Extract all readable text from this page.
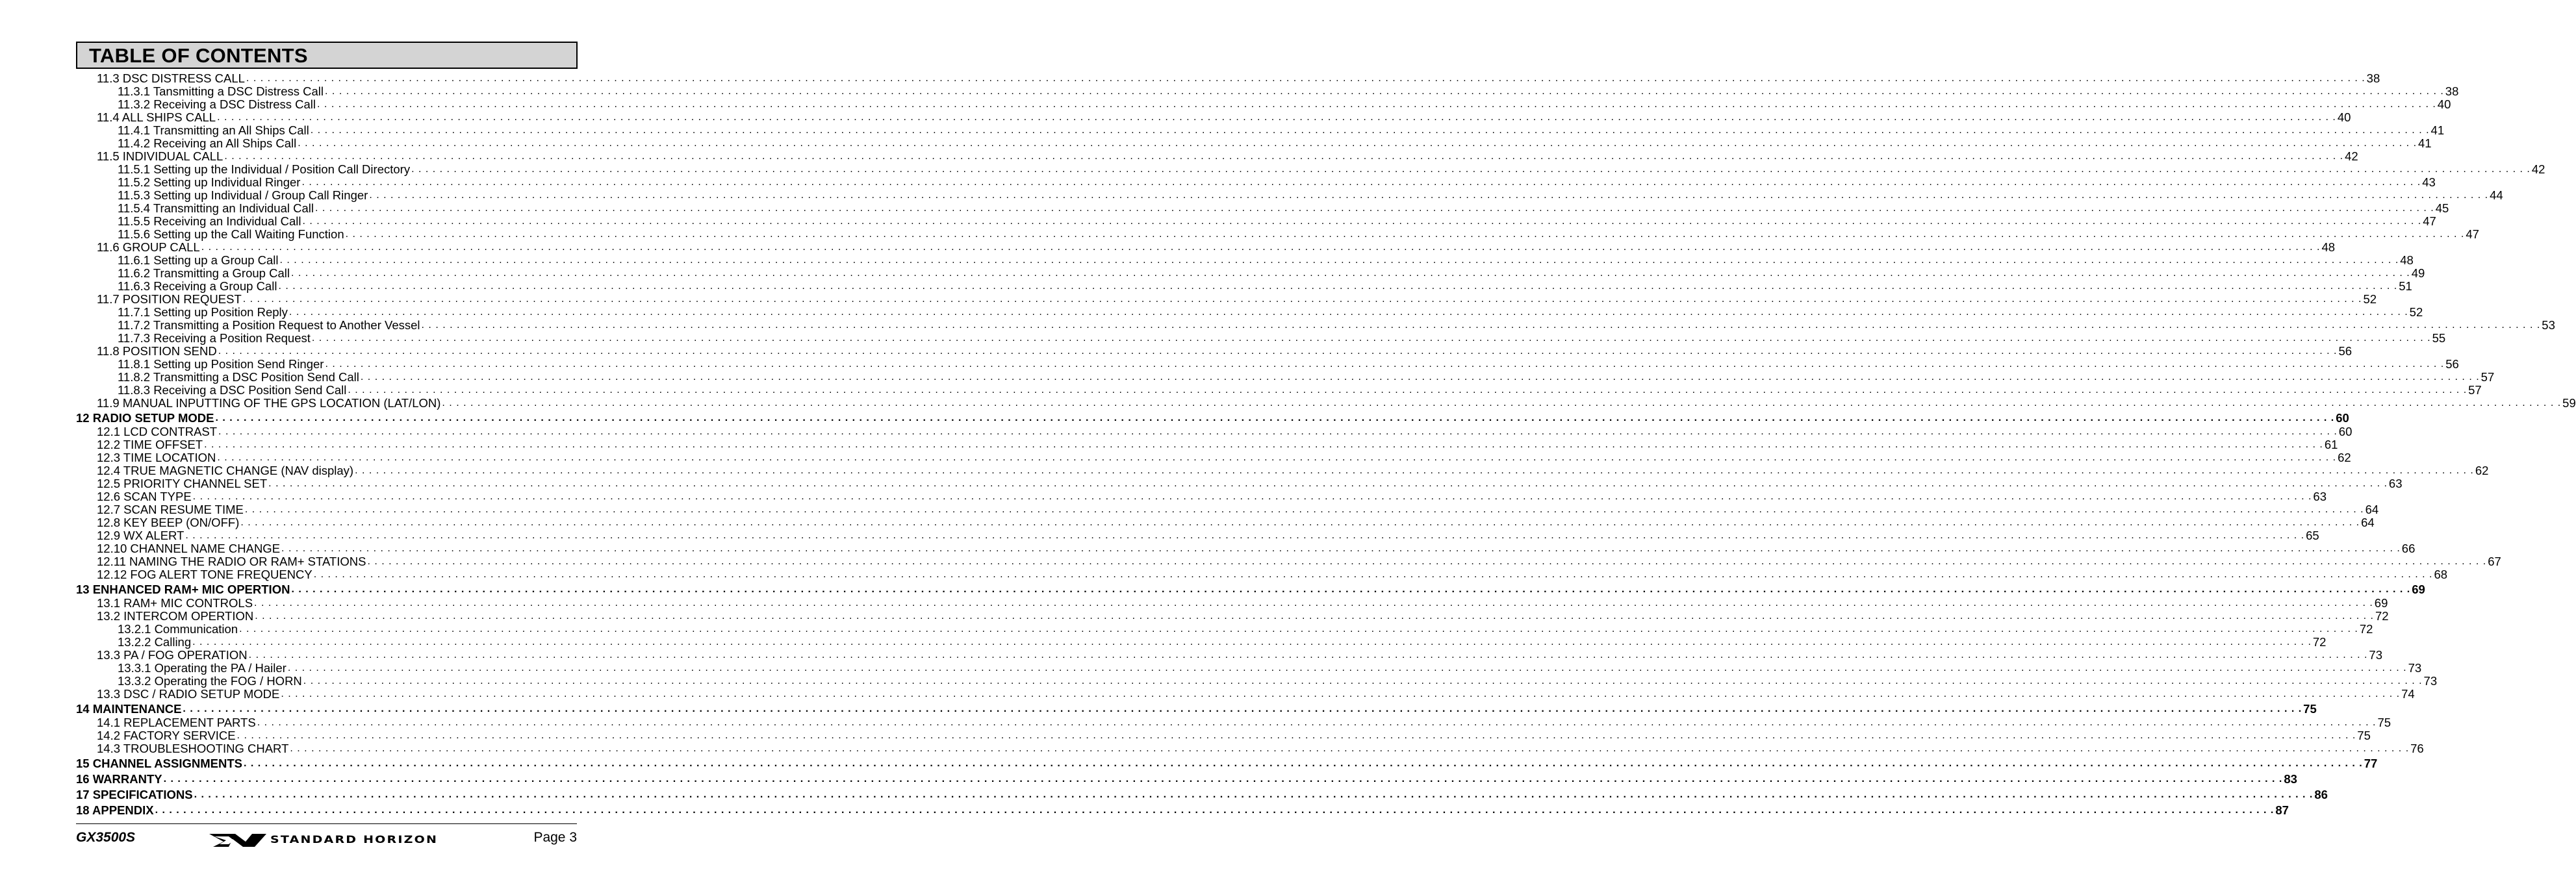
TABLE OF CONTENTS
11.3 DSC DISTRESS CALL . . . . . . . . . . . . . . . . . . . . . . . . . . . . . . . . . . . . . . . . . . . . . . . . . . . . . . . . . . . . . . . . . . . . . . . . . . . . . . . . . . . . . . . . . . . . . . . . . . . . . . . . . . . . . . . . . . . . . . . . . . . . . . . . . . . . . . . . . . . . . . . . . . . . . . . . . . . . . . . . . . . . . . . . . . . . . . . . . . . . . . . . . . . . . . . . . . . . . . . . . . . . . . . . . . . . . . . . . . . . . . . . . . . . . . . . . . . . . . . . . . . . . . . . . . . . . . . . . . . . . . . . . . . . . . . . . . . . . . . . . . . . . . . . . . . . . . . . . . . . 38
11.3.1 Tansmitting a DSC Distress Call . . . . . . . . . . . . . . . . . . . . . . . . . . . . . . . . . . . . . . . . . . . . . . . . . . . . . . . . . . . . . . . . . . . . . . . . . . . . . . . . . . . . . . . . . . . . . . . . . . . . . . . . . . . . . . . . . . . . . . . . . . . . . . . . . . . . . . . . . . . . . . . . . . . . . . . . . . . . . . . . . . . . . . . . . . . . . . . . . . . . . . . . . . . . . . . . . . . . . . . . . . . . . . . . . . . . . . . . . . . . . . . . . . . . . . . . . . . . . . . . . . . . . . . . . . . . . . . . . . . . . . . . . . . . . . . . . . . . . . . . . . . . . . . . . . . . . . . . . . . . 38
11.3.2 Receiving a DSC Distress Call . . . . . . . . . . . . . . . . . . . . . . . . . . . . . . . . . . . . . . . . . . . . . . . . . . . . . . . . . . . . . . . . . . . . . . . . . . . . . . . . . . . . . . . . . . . . . . . . . . . . . . . . . . . . . . . . . . . . . . . . . . . . . . . . . . . . . . . . . . . . . . . . . . . . . . . . . . . . . . . . . . . . . . . . . . . . . . . . . . . . . . . . . . . . . . . . . . . . . . . . . . . . . . . . . . . . . . . . . . . . . . . . . . . . . . . . . . . . . . . . . . . . . . . . . . . . . . . . . . . . . . . . . . . . . . . . . . . . . . . . . . . . . . . . . . . . . . . . . . . . 40
11.4 ALL SHIPS CALL . . . . . . . . . . . . . . . . . . . . . . . . . . . . . . . . . . . . . . . . . . . . . . . . . . . . . . . . . . . . . . . . . . . . . . . . . . . . . . . . . . . . . . . . . . . . . . . . . . . . . . . . . . . . . . . . . . . . . . . . . . . . . . . . . . . . . . . . . . . . . . . . . . . . . . . . . . . . . . . . . . . . . . . . . . . . . . . . . . . . . . . . . . . . . . . . . . . . . . . . . . . . . . . . . . . . . . . . . . . . . . . . . . . . . . . . . . . . . . . . . . . . . . . . . . . . . . . . . . . . . . . . . . . . . . . . . . . . . . . . . . . . . . . . . . . . . . . . . . . . 40
11.4.1 Transmitting an All Ships Call . . . . . . . . . . . . . . . . . . . . . . . . . . . . . . . . . . . . . . . . . . . . . . . . . . . . . . . . . . . . . . . . . . . . . . . . . . . . . . . . . . . . . . . . . . . . . . . . . . . . . . . . . . . . . . . . . . . . . . . . . . . . . . . . . . . . . . . . . . . . . . . . . . . . . . . . . . . . . . . . . . . . . . . . . . . . . . . . . . . . . . . . . . . . . . . . . . . . . . . . . . . . . . . . . . . . . . . . . . . . . . . . . . . . . . . . . . . . . . . . . . . . . . . . . . . . . . . . . . . . . . . . . . . . . . . . . . . . . . . . . . . . . . . . . . . . . . . . . . . . 41
11.4.2 Receiving an All Ships Call . . . . . . . . . . . . . . . . . . . . . . . . . . . . . . . . . . . . . . . . . . . . . . . . . . . . . . . . . . . . . . . . . . . . . . . . . . . . . . . . . . . . . . . . . . . . . . . . . . . . . . . . . . . . . . . . . . . . . . . . . . . . . . . . . . . . . . . . . . . . . . . . . . . . . . . . . . . . . . . . . . . . . . . . . . . . . . . . . . . . . . . . . . . . . . . . . . . . . . . . . . . . . . . . . . . . . . . . . . . . . . . . . . . . . . . . . . . . . . . . . . . . . . . . . . . . . . . . . . . . . . . . . . . . . . . . . . . . . . . . . . . . . . . . . . . . . . . . . . . . 41
11.5 INDIVIDUAL CALL . . . . . . . . . . . . . . . . . . . . . . . . . . . . . . . . . . . . . . . . . . . . . . . . . . . . . . . . . . . . . . . . . . . . . . . . . . . . . . . . . . . . . . . . . . . . . . . . . . . . . . . . . . . . . . . . . . . . . . . . . . . . . . . . . . . . . . . . . . . . . . . . . . . . . . . . . . . . . . . . . . . . . . . . . . . . . . . . . . . . . . . . . . . . . . . . . . . . . . . . . . . . . . . . . . . . . . . . . . . . . . . . . . . . . . . . . . . . . . . . . . . . . . . . . . . . . . . . . . . . . . . . . . . . . . . . . . . . . . . . . . . . . . . . . . . . . . . . . . . . 42
11.5.1 Setting up the Individual / Position Call Directory . . . . . . . . . . . . . . . . . . . . . . . . . . . . . . . . . . . . . . . . . . . . . . . . . . . . . . . . . . . . . . . . . . . . . . . . . . . . . . . . . . . . . . . . . . . . . . . . . . . . . . . . . . . . . . . . . . . . . . . . . . . . . . . . . . . . . . . . . . . . . . . . . . . . . . . . . . . . . . . . . . . . . . . . . . . . . . . . . . . . . . . . . . . . . . . . . . . . . . . . . . . . . . . . . . . . . . . . . . . . . . . . . . . . . . . . . . . . . . . . . . . . . . . . . . . . . . . . . . . . . . . . . . . . . . . . . . . . . . . . . . . . . . . . . . . . . . . . . . . . 42
11.5.2 Setting up Individual Ringer . . . . . . . . . . . . . . . . . . . . . . . . . . . . . . . . . . . . . . . . . . . . . . . . . . . . . . . . . . . . . . . . . . . . . . . . . . . . . . . . . . . . . . . . . . . . . . . . . . . . . . . . . . . . . . . . . . . . . . . . . . . . . . . . . . . . . . . . . . . . . . . . . . . . . . . . . . . . . . . . . . . . . . . . . . . . . . . . . . . . . . . . . . . . . . . . . . . . . . . . . . . . . . . . . . . . . . . . . . . . . . . . . . . . . . . . . . . . . . . . . . . . . . . . . . . . . . . . . . . . . . . . . . . . . . . . . . . . . . . . . . . . . . . . . . . . . . . . . . . . 43
11.5.3 Setting up Individual / Group Call Ringer . . . . . . . . . . . . . . . . . . . . . . . . . . . . . . . . . . . . . . . . . . . . . . . . . . . . . . . . . . . . . . . . . . . . . . . . . . . . . . . . . . . . . . . . . . . . . . . . . . . . . . . . . . . . . . . . . . . . . . . . . . . . . . . . . . . . . . . . . . . . . . . . . . . . . . . . . . . . . . . . . . . . . . . . . . . . . . . . . . . . . . . . . . . . . . . . . . . . . . . . . . . . . . . . . . . . . . . . . . . . . . . . . . . . . . . . . . . . . . . . . . . . . . . . . . . . . . . . . . . . . . . . . . . . . . . . . . . . . . . . . . . . . . . . . . . . . . . . . . . . 44
11.5.4 Transmitting an Individual Call . . . . . . . . . . . . . . . . . . . . . . . . . . . . . . . . . . . . . . . . . . . . . . . . . . . . . . . . . . . . . . . . . . . . . . . . . . . . . . . . . . . . . . . . . . . . . . . . . . . . . . . . . . . . . . . . . . . . . . . . . . . . . . . . . . . . . . . . . . . . . . . . . . . . . . . . . . . . . . . . . . . . . . . . . . . . . . . . . . . . . . . . . . . . . . . . . . . . . . . . . . . . . . . . . . . . . . . . . . . . . . . . . . . . . . . . . . . . . . . . . . . . . . . . . . . . . . . . . . . . . . . . . . . . . . . . . . . . . . . . . . . . . . . . . . . . . . . . . . . . 45
11.5.5 Receiving an Individual Call . . . . . . . . . . . . . . . . . . . . . . . . . . . . . . . . . . . . . . . . . . . . . . . . . . . . . . . . . . . . . . . . . . . . . . . . . . . . . . . . . . . . . . . . . . . . . . . . . . . . . . . . . . . . . . . . . . . . . . . . . . . . . . . . . . . . . . . . . . . . . . . . . . . . . . . . . . . . . . . . . . . . . . . . . . . . . . . . . . . . . . . . . . . . . . . . . . . . . . . . . . . . . . . . . . . . . . . . . . . . . . . . . . . . . . . . . . . . . . . . . . . . . . . . . . . . . . . . . . . . . . . . . . . . . . . . . . . . . . . . . . . . . . . . . . . . . . . . . . . . 47
11.5.6 Setting up the Call Waiting Function . . . . . . . . . . . . . . . . . . . . . . . . . . . . . . . . . . . . . . . . . . . . . . . . . . . . . . . . . . . . . . . . . . . . . . . . . . . . . . . . . . . . . . . . . . . . . . . . . . . . . . . . . . . . . . . . . . . . . . . . . . . . . . . . . . . . . . . . . . . . . . . . . . . . . . . . . . . . . . . . . . . . . . . . . . . . . . . . . . . . . . . . . . . . . . . . . . . . . . . . . . . . . . . . . . . . . . . . . . . . . . . . . . . . . . . . . . . . . . . . . . . . . . . . . . . . . . . . . . . . . . . . . . . . . . . . . . . . . . . . . . . . . . . . . . . . . . . . . . . . 47
11.6 GROUP CALL . . . . . . . . . . . . . . . . . . . . . . . . . . . . . . . . . . . . . . . . . . . . . . . . . . . . . . . . . . . . . . . . . . . . . . . . . . . . . . . . . . . . . . . . . . . . . . . . . . . . . . . . . . . . . . . . . . . . . . . . . . . . . . . . . . . . . . . . . . . . . . . . . . . . . . . . . . . . . . . . . . . . . . . . . . . . . . . . . . . . . . . . . . . . . . . . . . . . . . . . . . . . . . . . . . . . . . . . . . . . . . . . . . . . . . . . . . . . . . . . . . . . . . . . . . . . . . . . . . . . . . . . . . . . . . . . . . . . . . . . . . . . . . . . . . . . . . . . . . . . 48
11.6.1 Setting up a Group Call . . . . . . . . . . . . . . . . . . . . . . . . . . . . . . . . . . . . . . . . . . . . . . . . . . . . . . . . . . . . . . . . . . . . . . . . . . . . . . . . . . . . . . . . . . . . . . . . . . . . . . . . . . . . . . . . . . . . . . . . . . . . . . . . . . . . . . . . . . . . . . . . . . . . . . . . . . . . . . . . . . . . . . . . . . . . . . . . . . . . . . . . . . . . . . . . . . . . . . . . . . . . . . . . . . . . . . . . . . . . . . . . . . . . . . . . . . . . . . . . . . . . . . . . . . . . . . . . . . . . . . . . . . . . . . . . . . . . . . . . . . . . . . . . . . . . . . . . . . . . 48
11.6.2 Transmitting a Group Call . . . . . . . . . . . . . . . . . . . . . . . . . . . . . . . . . . . . . . . . . . . . . . . . . . . . . . . . . . . . . . . . . . . . . . . . . . . . . . . . . . . . . . . . . . . . . . . . . . . . . . . . . . . . . . . . . . . . . . . . . . . . . . . . . . . . . . . . . . . . . . . . . . . . . . . . . . . . . . . . . . . . . . . . . . . . . . . . . . . . . . . . . . . . . . . . . . . . . . . . . . . . . . . . . . . . . . . . . . . . . . . . . . . . . . . . . . . . . . . . . . . . . . . . . . . . . . . . . . . . . . . . . . . . . . . . . . . . . . . . . . . . . . . . . . . . . . . . . . . . 49
11.6.3 Receiving a Group Call . . . . . . . . . . . . . . . . . . . . . . . . . . . . . . . . . . . . . . . . . . . . . . . . . . . . . . . . . . . . . . . . . . . . . . . . . . . . . . . . . . . . . . . . . . . . . . . . . . . . . . . . . . . . . . . . . . . . . . . . . . . . . . . . . . . . . . . . . . . . . . . . . . . . . . . . . . . . . . . . . . . . . . . . . . . . . . . . . . . . . . . . . . . . . . . . . . . . . . . . . . . . . . . . . . . . . . . . . . . . . . . . . . . . . . . . . . . . . . . . . . . . . . . . . . . . . . . . . . . . . . . . . . . . . . . . . . . . . . . . . . . . . . . . . . . . . . . . . . . . 51
11.7 POSITION REQUEST . . . . . . . . . . . . . . . . . . . . . . . . . . . . . . . . . . . . . . . . . . . . . . . . . . . . . . . . . . . . . . . . . . . . . . . . . . . . . . . . . . . . . . . . . . . . . . . . . . . . . . . . . . . . . . . . . . . . . . . . . . . . . . . . . . . . . . . . . . . . . . . . . . . . . . . . . . . . . . . . . . . . . . . . . . . . . . . . . . . . . . . . . . . . . . . . . . . . . . . . . . . . . . . . . . . . . . . . . . . . . . . . . . . . . . . . . . . . . . . . . . . . . . . . . . . . . . . . . . . . . . . . . . . . . . . . . . . . . . . . . . . . . . . . . . . . . . . . . . . . 52
11.7.1 Setting up Position Reply . . . . . . . . . . . . . . . . . . . . . . . . . . . . . . . . . . . . . . . . . . . . . . . . . . . . . . . . . . . . . . . . . . . . . . . . . . . . . . . . . . . . . . . . . . . . . . . . . . . . . . . . . . . . . . . . . . . . . . . . . . . . . . . . . . . . . . . . . . . . . . . . . . . . . . . . . . . . . . . . . . . . . . . . . . . . . . . . . . . . . . . . . . . . . . . . . . . . . . . . . . . . . . . . . . . . . . . . . . . . . . . . . . . . . . . . . . . . . . . . . . . . . . . . . . . . . . . . . . . . . . . . . . . . . . . . . . . . . . . . . . . . . . . . . . . . . . . . . . . . 52
11.7.2 Transmitting a Position Request to Another Vessel . . . . . . . . . . . . . . . . . . . . . . . . . . . . . . . . . . . . . . . . . . . . . . . . . . . . . . . . . . . . . . . . . . . . . . . . . . . . . . . . . . . . . . . . . . . . . . . . . . . . . . . . . . . . . . . . . . . . . . . . . . . . . . . . . . . . . . . . . . . . . . . . . . . . . . . . . . . . . . . . . . . . . . . . . . . . . . . . . . . . . . . . . . . . . . . . . . . . . . . . . . . . . . . . . . . . . . . . . . . . . . . . . . . . . . . . . . . . . . . . . . . . . . . . . . . . . . . . . . . . . . . . . . . . . . . . . . . . . . . . . . . . . . . . . . . . . . . . . . . . 53
11.7.3 Receiving a Position Request . . . . . . . . . . . . . . . . . . . . . . . . . . . . . . . . . . . . . . . . . . . . . . . . . . . . . . . . . . . . . . . . . . . . . . . . . . . . . . . . . . . . . . . . . . . . . . . . . . . . . . . . . . . . . . . . . . . . . . . . . . . . . . . . . . . . . . . . . . . . . . . . . . . . . . . . . . . . . . . . . . . . . . . . . . . . . . . . . . . . . . . . . . . . . . . . . . . . . . . . . . . . . . . . . . . . . . . . . . . . . . . . . . . . . . . . . . . . . . . . . . . . . . . . . . . . . . . . . . . . . . . . . . . . . . . . . . . . . . . . . . . . . . . . . . . . . . . . . . . . 55
11.8 POSITION SEND . . . . . . . . . . . . . . . . . . . . . . . . . . . . . . . . . . . . . . . . . . . . . . . . . . . . . . . . . . . . . . . . . . . . . . . . . . . . . . . . . . . . . . . . . . . . . . . . . . . . . . . . . . . . . . . . . . . . . . . . . . . . . . . . . . . . . . . . . . . . . . . . . . . . . . . . . . . . . . . . . . . . . . . . . . . . . . . . . . . . . . . . . . . . . . . . . . . . . . . . . . . . . . . . . . . . . . . . . . . . . . . . . . . . . . . . . . . . . . . . . . . . . . . . . . . . . . . . . . . . . . . . . . . . . . . . . . . . . . . . . . . . . . . . . . . . . . . . . . . . 56
11.8.1 Setting up Position Send Ringer . . . . . . . . . . . . . . . . . . . . . . . . . . . . . . . . . . . . . . . . . . . . . . . . . . . . . . . . . . . . . . . . . . . . . . . . . . . . . . . . . . . . . . . . . . . . . . . . . . . . . . . . . . . . . . . . . . . . . . . . . . . . . . . . . . . . . . . . . . . . . . . . . . . . . . . . . . . . . . . . . . . . . . . . . . . . . . . . . . . . . . . . . . . . . . . . . . . . . . . . . . . . . . . . . . . . . . . . . . . . . . . . . . . . . . . . . . . . . . . . . . . . . . . . . . . . . . . . . . . . . . . . . . . . . . . . . . . . . . . . . . . . . . . . . . . . . . . . . . . . 56
11.8.2 Transmitting a DSC Position Send Call . . . . . . . . . . . . . . . . . . . . . . . . . . . . . . . . . . . . . . . . . . . . . . . . . . . . . . . . . . . . . . . . . . . . . . . . . . . . . . . . . . . . . . . . . . . . . . . . . . . . . . . . . . . . . . . . . . . . . . . . . . . . . . . . . . . . . . . . . . . . . . . . . . . . . . . . . . . . . . . . . . . . . . . . . . . . . . . . . . . . . . . . . . . . . . . . . . . . . . . . . . . . . . . . . . . . . . . . . . . . . . . . . . . . . . . . . . . . . . . . . . . . . . . . . . . . . . . . . . . . . . . . . . . . . . . . . . . . . . . . . . . . . . . . . . . . . . . . . . . . 57
11.8.3 Receiving a DSC Position Send Call . . . . . . . . . . . . . . . . . . . . . . . . . . . . . . . . . . . . . . . . . . . . . . . . . . . . . . . . . . . . . . . . . . . . . . . . . . . . . . . . . . . . . . . . . . . . . . . . . . . . . . . . . . . . . . . . . . . . . . . . . . . . . . . . . . . . . . . . . . . . . . . . . . . . . . . . . . . . . . . . . . . . . . . . . . . . . . . . . . . . . . . . . . . . . . . . . . . . . . . . . . . . . . . . . . . . . . . . . . . . . . . . . . . . . . . . . . . . . . . . . . . . . . . . . . . . . . . . . . . . . . . . . . . . . . . . . . . . . . . . . . . . . . . . . . . . . . . . . . . . 57
11.9 MANUAL INPUTTING OF THE GPS LOCATION (LAT/LON) . . . . . . . . . . . . . . . . . . . . . . . . . . . . . . . . . . . . . . . . . . . . . . . . . . . . . . . . . . . . . . . . . . . . . . . . . . . . . . . . . . . . . . . . . . . . . . . . . . . . . . . . . . . . . . . . . . . . . . . . . . . . . . . . . . . . . . . . . . . . . . . . . . . . . . . . . . . . . . . . . . . . . . . . . . . . . . . . . . . . . . . . . . . . . . . . . . . . . . . . . . . . . . . . . . . . . . . . . . . . . . . . . . . . . . . . . . . . . . . . . . . . . . . . . . . . . . . . . . . . . . . . . . . . . . . . . . . . . . . . . . . . . . . . . . . . . . . . . . . . 59
12 RADIO SETUP MODE . . . . . . . . . . . . . . . . . . . . . . . . . . . . . . . . . . . . . . . . . . . . . . . . . . . . . . . . . . . . . . . . . . . . . . . . . . . . . . . . . . . . . . . . . . . . . . . . . . . . . . . . . . . . . . . . . . . . . . . . . . . . . . . . . . . . . . . . . . . . . . . . . . . . . . . . . . . . . . . . . . . . . . . . . . . . . . . . . . . . . . . . . . . . . . . . . . . . . . . . . . . . . . . . . . . . . . . . . . . . . . . . . . . . . . . . . . . . . . . . . . . . . . . . . . . . . . . . . . . . . . . . . . . . . . . . . . . . . . . . . . . . . . . . . . . . . . . . . . . . 60
12.1 LCD CONTRAST . . . . . . . . . . . . . . . . . . . . . . . . . . . . . . . . . . . . . . . . . . . . . . . . . . . . . . . . . . . . . . . . . . . . . . . . . . . . . . . . . . . . . . . . . . . . . . . . . . . . . . . . . . . . . . . . . . . . . . . . . . . . . . . . . . . . . . . . . . . . . . . . . . . . . . . . . . . . . . . . . . . . . . . . . . . . . . . . . . . . . . . . . . . . . . . . . . . . . . . . . . . . . . . . . . . . . . . . . . . . . . . . . . . . . . . . . . . . . . . . . . . . . . . . . . . . . . . . . . . . . . . . . . . . . . . . . . . . . . . . . . . . . . . . . . . . . . . . . . . . 60
12.2 TIME OFFSET . . . . . . . . . . . . . . . . . . . . . . . . . . . . . . . . . . . . . . . . . . . . . . . . . . . . . . . . . . . . . . . . . . . . . . . . . . . . . . . . . . . . . . . . . . . . . . . . . . . . . . . . . . . . . . . . . . . . . . . . . . . . . . . . . . . . . . . . . . . . . . . . . . . . . . . . . . . . . . . . . . . . . . . . . . . . . . . . . . . . . . . . . . . . . . . . . . . . . . . . . . . . . . . . . . . . . . . . . . . . . . . . . . . . . . . . . . . . . . . . . . . . . . . . . . . . . . . . . . . . . . . . . . . . . . . . . . . . . . . . . . . . . . . . . . . . . . . . . . . . 61
12.3 TIME LOCATION . . . . . . . . . . . . . . . . . . . . . . . . . . . . . . . . . . . . . . . . . . . . . . . . . . . . . . . . . . . . . . . . . . . . . . . . . . . . . . . . . . . . . . . . . . . . . . . . . . . . . . . . . . . . . . . . . . . . . . . . . . . . . . . . . . . . . . . . . . . . . . . . . . . . . . . . . . . . . . . . . . . . . . . . . . . . . . . . . . . . . . . . . . . . . . . . . . . . . . . . . . . . . . . . . . . . . . . . . . . . . . . . . . . . . . . . . . . . . . . . . . . . . . . . . . . . . . . . . . . . . . . . . . . . . . . . . . . . . . . . . . . . . . . . . . . . . . . . . . . . 62
12.4 TRUE MAGNETIC CHANGE (NAV display) . . . . . . . . . . . . . . . . . . . . . . . . . . . . . . . . . . . . . . . . . . . . . . . . . . . . . . . . . . . . . . . . . . . . . . . . . . . . . . . . . . . . . . . . . . . . . . . . . . . . . . . . . . . . . . . . . . . . . . . . . . . . . . . . . . . . . . . . . . . . . . . . . . . . . . . . . . . . . . . . . . . . . . . . . . . . . . . . . . . . . . . . . . . . . . . . . . . . . . . . . . . . . . . . . . . . . . . . . . . . . . . . . . . . . . . . . . . . . . . . . . . . . . . . . . . . . . . . . . . . . . . . . . . . . . . . . . . . . . . . . . . . . . . . . . . . . . . . . . . . 62
12.5 PRIORITY CHANNEL SET . . . . . . . . . . . . . . . . . . . . . . . . . . . . . . . . . . . . . . . . . . . . . . . . . . . . . . . . . . . . . . . . . . . . . . . . . . . . . . . . . . . . . . . . . . . . . . . . . . . . . . . . . . . . . . . . . . . . . . . . . . . . . . . . . . . . . . . . . . . . . . . . . . . . . . . . . . . . . . . . . . . . . . . . . . . . . . . . . . . . . . . . . . . . . . . . . . . . . . . . . . . . . . . . . . . . . . . . . . . . . . . . . . . . . . . . . . . . . . . . . . . . . . . . . . . . . . . . . . . . . . . . . . . . . . . . . . . . . . . . . . . . . . . . . . . . . . . . . . . . 63
12.6 SCAN TYPE . . . . . . . . . . . . . . . . . . . . . . . . . . . . . . . . . . . . . . . . . . . . . . . . . . . . . . . . . . . . . . . . . . . . . . . . . . . . . . . . . . . . . . . . . . . . . . . . . . . . . . . . . . . . . . . . . . . . . . . . . . . . . . . . . . . . . . . . . . . . . . . . . . . . . . . . . . . . . . . . . . . . . . . . . . . . . . . . . . . . . . . . . . . . . . . . . . . . . . . . . . . . . . . . . . . . . . . . . . . . . . . . . . . . . . . . . . . . . . . . . . . . . . . . . . . . . . . . . . . . . . . . . . . . . . . . . . . . . . . . . . . . . . . . . . . . . . . . . . . . 63
12.7 SCAN RESUME TIME . . . . . . . . . . . . . . . . . . . . . . . . . . . . . . . . . . . . . . . . . . . . . . . . . . . . . . . . . . . . . . . . . . . . . . . . . . . . . . . . . . . . . . . . . . . . . . . . . . . . . . . . . . . . . . . . . . . . . . . . . . . . . . . . . . . . . . . . . . . . . . . . . . . . . . . . . . . . . . . . . . . . . . . . . . . . . . . . . . . . . . . . . . . . . . . . . . . . . . . . . . . . . . . . . . . . . . . . . . . . . . . . . . . . . . . . . . . . . . . . . . . . . . . . . . . . . . . . . . . . . . . . . . . . . . . . . . . . . . . . . . . . . . . . . . . . . . . . . . . . 64
12.8 KEY BEEP (ON/OFF) . . . . . . . . . . . . . . . . . . . . . . . . . . . . . . . . . . . . . . . . . . . . . . . . . . . . . . . . . . . . . . . . . . . . . . . . . . . . . . . . . . . . . . . . . . . . . . . . . . . . . . . . . . . . . . . . . . . . . . . . . . . . . . . . . . . . . . . . . . . . . . . . . . . . . . . . . . . . . . . . . . . . . . . . . . . . . . . . . . . . . . . . . . . . . . . . . . . . . . . . . . . . . . . . . . . . . . . . . . . . . . . . . . . . . . . . . . . . . . . . . . . . . . . . . . . . . . . . . . . . . . . . . . . . . . . . . . . . . . . . . . . . . . . . . . . . . . . . . . . . 64
12.9 WX ALERT . . . . . . . . . . . . . . . . . . . . . . . . . . . . . . . . . . . . . . . . . . . . . . . . . . . . . . . . . . . . . . . . . . . . . . . . . . . . . . . . . . . . . . . . . . . . . . . . . . . . . . . . . . . . . . . . . . . . . . . . . . . . . . . . . . . . . . . . . . . . . . . . . . . . . . . . . . . . . . . . . . . . . . . . . . . . . . . . . . . . . . . . . . . . . . . . . . . . . . . . . . . . . . . . . . . . . . . . . . . . . . . . . . . . . . . . . . . . . . . . . . . . . . . . . . . . . . . . . . . . . . . . . . . . . . . . . . . . . . . . . . . . . . . . . . . . . . . . . . . . 65
12.10 CHANNEL NAME CHANGE . . . . . . . . . . . . . . . . . . . . . . . . . . . . . . . . . . . . . . . . . . . . . . . . . . . . . . . . . . . . . . . . . . . . . . . . . . . . . . . . . . . . . . . . . . . . . . . . . . . . . . . . . . . . . . . . . . . . . . . . . . . . . . . . . . . . . . . . . . . . . . . . . . . . . . . . . . . . . . . . . . . . . . . . . . . . . . . . . . . . . . . . . . . . . . . . . . . . . . . . . . . . . . . . . . . . . . . . . . . . . . . . . . . . . . . . . . . . . . . . . . . . . . . . . . . . . . . . . . . . . . . . . . . . . . . . . . . . . . . . . . . . . . . . . . . . . . . . . . . . 66
12.11 NAMING THE RADIO OR RAM+ STATIONS . . . . . . . . . . . . . . . . . . . . . . . . . . . . . . . . . . . . . . . . . . . . . . . . . . . . . . . . . . . . . . . . . . . . . . . . . . . . . . . . . . . . . . . . . . . . . . . . . . . . . . . . . . . . . . . . . . . . . . . . . . . . . . . . . . . . . . . . . . . . . . . . . . . . . . . . . . . . . . . . . . . . . . . . . . . . . . . . . . . . . . . . . . . . . . . . . . . . . . . . . . . . . . . . . . . . . . . . . . . . . . . . . . . . . . . . . . . . . . . . . . . . . . . . . . . . . . . . . . . . . . . . . . . . . . . . . . . . . . . . . . . . . . . . . . . . . . . . . . . . 67
12.12 FOG ALERT TONE FREQUENCY . . . . . . . . . . . . . . . . . . . . . . . . . . . . . . . . . . . . . . . . . . . . . . . . . . . . . . . . . . . . . . . . . . . . . . . . . . . . . . . . . . . . . . . . . . . . . . . . . . . . . . . . . . . . . . . . . . . . . . . . . . . . . . . . . . . . . . . . . . . . . . . . . . . . . . . . . . . . . . . . . . . . . . . . . . . . . . . . . . . . . . . . . . . . . . . . . . . . . . . . . . . . . . . . . . . . . . . . . . . . . . . . . . . . . . . . . . . . . . . . . . . . . . . . . . . . . . . . . . . . . . . . . . . . . . . . . . . . . . . . . . . . . . . . . . . . . . . . . . . . 68
13 ENHANCED RAM+ MIC OPERTION . . . . . . . . . . . . . . . . . . . . . . . . . . . . . . . . . . . . . . . . . . . . . . . . . . . . . . . . . . . . . . . . . . . . . . . . . . . . . . . . . . . . . . . . . . . . . . . . . . . . . . . . . . . . . . . . . . . . . . . . . . . . . . . . . . . . . . . . . . . . . . . . . . . . . . . . . . . . . . . . . . . . . . . . . . . . . . . . . . . . . . . . . . . . . . . . . . . . . . . . . . . . . . . . . . . . . . . . . . . . . . . . . . . . . . . . . . . . . . . . . . . . . . . . . . . . . . . . . . . . . . . . . . . . . . . . . . . . . . . . . . . . . . . . . . . . . . . . . . . . 69
13.1 RAM+ MIC CONTROLS . . . . . . . . . . . . . . . . . . . . . . . . . . . . . . . . . . . . . . . . . . . . . . . . . . . . . . . . . . . . . . . . . . . . . . . . . . . . . . . . . . . . . . . . . . . . . . . . . . . . . . . . . . . . . . . . . . . . . . . . . . . . . . . . . . . . . . . . . . . . . . . . . . . . . . . . . . . . . . . . . . . . . . . . . . . . . . . . . . . . . . . . . . . . . . . . . . . . . . . . . . . . . . . . . . . . . . . . . . . . . . . . . . . . . . . . . . . . . . . . . . . . . . . . . . . . . . . . . . . . . . . . . . . . . . . . . . . . . . . . . . . . . . . . . . . . . . . . . . . . 69
13.2 INTERCOM OPERTION . . . . . . . . . . . . . . . . . . . . . . . . . . . . . . . . . . . . . . . . . . . . . . . . . . . . . . . . . . . . . . . . . . . . . . . . . . . . . . . . . . . . . . . . . . . . . . . . . . . . . . . . . . . . . . . . . . . . . . . . . . . . . . . . . . . . . . . . . . . . . . . . . . . . . . . . . . . . . . . . . . . . . . . . . . . . . . . . . . . . . . . . . . . . . . . . . . . . . . . . . . . . . . . . . . . . . . . . . . . . . . . . . . . . . . . . . . . . . . . . . . . . . . . . . . . . . . . . . . . . . . . . . . . . . . . . . . . . . . . . . . . . . . . . . . . . . . . . . . . . 72
13.2.1 Communication . . . . . . . . . . . . . . . . . . . . . . . . . . . . . . . . . . . . . . . . . . . . . . . . . . . . . . . . . . . . . . . . . . . . . . . . . . . . . . . . . . . . . . . . . . . . . . . . . . . . . . . . . . . . . . . . . . . . . . . . . . . . . . . . . . . . . . . . . . . . . . . . . . . . . . . . . . . . . . . . . . . . . . . . . . . . . . . . . . . . . . . . . . . . . . . . . . . . . . . . . . . . . . . . . . . . . . . . . . . . . . . . . . . . . . . . . . . . . . . . . . . . . . . . . . . . . . . . . . . . . . . . . . . . . . . . . . . . . . . . . . . . . . . . . . . . . . . . . . . . 72
13.2.2 Calling . . . . . . . . . . . . . . . . . . . . . . . . . . . . . . . . . . . . . . . . . . . . . . . . . . . . . . . . . . . . . . . . . . . . . . . . . . . . . . . . . . . . . . . . . . . . . . . . . . . . . . . . . . . . . . . . . . . . . . . . . . . . . . . . . . . . . . . . . . . . . . . . . . . . . . . . . . . . . . . . . . . . . . . . . . . . . . . . . . . . . . . . . . . . . . . . . . . . . . . . . . . . . . . . . . . . . . . . . . . . . . . . . . . . . . . . . . . . . . . . . . . . . . . . . . . . . . . . . . . . . . . . . . . . . . . . . . . . . . . . . . . . . . . . . . . . . . . . . . . . 72
13.3 PA / FOG OPERATION . . . . . . . . . . . . . . . . . . . . . . . . . . . . . . . . . . . . . . . . . . . . . . . . . . . . . . . . . . . . . . . . . . . . . . . . . . . . . . . . . . . . . . . . . . . . . . . . . . . . . . . . . . . . . . . . . . . . . . . . . . . . . . . . . . . . . . . . . . . . . . . . . . . . . . . . . . . . . . . . . . . . . . . . . . . . . . . . . . . . . . . . . . . . . . . . . . . . . . . . . . . . . . . . . . . . . . . . . . . . . . . . . . . . . . . . . . . . . . . . . . . . . . . . . . . . . . . . . . . . . . . . . . . . . . . . . . . . . . . . . . . . . . . . . . . . . . . . . . . . 73
13.3.1 Operating the PA / Hailer . . . . . . . . . . . . . . . . . . . . . . . . . . . . . . . . . . . . . . . . . . . . . . . . . . . . . . . . . . . . . . . . . . . . . . . . . . . . . . . . . . . . . . . . . . . . . . . . . . . . . . . . . . . . . . . . . . . . . . . . . . . . . . . . . . . . . . . . . . . . . . . . . . . . . . . . . . . . . . . . . . . . . . . . . . . . . . . . . . . . . . . . . . . . . . . . . . . . . . . . . . . . . . . . . . . . . . . . . . . . . . . . . . . . . . . . . . . . . . . . . . . . . . . . . . . . . . . . . . . . . . . . . . . . . . . . . . . . . . . . . . . . . . . . . . . . . . . . . . . . 73
13.3.2 Operating the FOG / HORN . . . . . . . . . . . . . . . . . . . . . . . . . . . . . . . . . . . . . . . . . . . . . . . . . . . . . . . . . . . . . . . . . . . . . . . . . . . . . . . . . . . . . . . . . . . . . . . . . . . . . . . . . . . . . . . . . . . . . . . . . . . . . . . . . . . . . . . . . . . . . . . . . . . . . . . . . . . . . . . . . . . . . . . . . . . . . . . . . . . . . . . . . . . . . . . . . . . . . . . . . . . . . . . . . . . . . . . . . . . . . . . . . . . . . . . . . . . . . . . . . . . . . . . . . . . . . . . . . . . . . . . . . . . . . . . . . . . . . . . . . . . . . . . . . . . . . . . . . . . . 73
13.3 DSC / RADIO SETUP MODE . . . . . . . . . . . . . . . . . . . . . . . . . . . . . . . . . . . . . . . . . . . . . . . . . . . . . . . . . . . . . . . . . . . . . . . . . . . . . . . . . . . . . . . . . . . . . . . . . . . . . . . . . . . . . . . . . . . . . . . . . . . . . . . . . . . . . . . . . . . . . . . . . . . . . . . . . . . . . . . . . . . . . . . . . . . . . . . . . . . . . . . . . . . . . . . . . . . . . . . . . . . . . . . . . . . . . . . . . . . . . . . . . . . . . . . . . . . . . . . . . . . . . . . . . . . . . . . . . . . . . . . . . . . . . . . . . . . . . . . . . . . . . . . . . . . . . . . . . . . . 74
14 MAINTENANCE . . . . . . . . . . . . . . . . . . . . . . . . . . . . . . . . . . . . . . . . . . . . . . . . . . . . . . . . . . . . . . . . . . . . . . . . . . . . . . . . . . . . . . . . . . . . . . . . . . . . . . . . . . . . . . . . . . . . . . . . . . . . . . . . . . . . . . . . . . . . . . . . . . . . . . . . . . . . . . . . . . . . . . . . . . . . . . . . . . . . . . . . . . . . . . . . . . . . . . . . . . . . . . . . . . . . . . . . . . . . . . . . . . . . . . . . . . . . . . . . . . . . . . . . . . . . . . . . . . . . . . . . . . . . . . . . . . . . . . . . . . . . . . . . . . . . . . . . . . . . 75
14.1 REPLACEMENT PARTS . . . . . . . . . . . . . . . . . . . . . . . . . . . . . . . . . . . . . . . . . . . . . . . . . . . . . . . . . . . . . . . . . . . . . . . . . . . . . . . . . . . . . . . . . . . . . . . . . . . . . . . . . . . . . . . . . . . . . . . . . . . . . . . . . . . . . . . . . . . . . . . . . . . . . . . . . . . . . . . . . . . . . . . . . . . . . . . . . . . . . . . . . . . . . . . . . . . . . . . . . . . . . . . . . . . . . . . . . . . . . . . . . . . . . . . . . . . . . . . . . . . . . . . . . . . . . . . . . . . . . . . . . . . . . . . . . . . . . . . . . . . . . . . . . . . . . . . . . . . . 75
14.2 FACTORY SERVICE . . . . . . . . . . . . . . . . . . . . . . . . . . . . . . . . . . . . . . . . . . . . . . . . . . . . . . . . . . . . . . . . . . . . . . . . . . . . . . . . . . . . . . . . . . . . . . . . . . . . . . . . . . . . . . . . . . . . . . . . . . . . . . . . . . . . . . . . . . . . . . . . . . . . . . . . . . . . . . . . . . . . . . . . . . . . . . . . . . . . . . . . . . . . . . . . . . . . . . . . . . . . . . . . . . . . . . . . . . . . . . . . . . . . . . . . . . . . . . . . . . . . . . . . . . . . . . . . . . . . . . . . . . . . . . . . . . . . . . . . . . . . . . . . . . . . . . . . . . . . 75
14.3 TROUBLESHOOTING CHART . . . . . . . . . . . . . . . . . . . . . . . . . . . . . . . . . . . . . . . . . . . . . . . . . . . . . . . . . . . . . . . . . . . . . . . . . . . . . . . . . . . . . . . . . . . . . . . . . . . . . . . . . . . . . . . . . . . . . . . . . . . . . . . . . . . . . . . . . . . . . . . . . . . . . . . . . . . . . . . . . . . . . . . . . . . . . . . . . . . . . . . . . . . . . . . . . . . . . . . . . . . . . . . . . . . . . . . . . . . . . . . . . . . . . . . . . . . . . . . . . . . . . . . . . . . . . . . . . . . . . . . . . . . . . . . . . . . . . . . . . . . . . . . . . . . . . . . . . . . . 76
15 CHANNEL ASSIGNMENTS . . . . . . . . . . . . . . . . . . . . . . . . . . . . . . . . . . . . . . . . . . . . . . . . . . . . . . . . . . . . . . . . . . . . . . . . . . . . . . . . . . . . . . . . . . . . . . . . . . . . . . . . . . . . . . . . . . . . . . . . . . . . . . . . . . . . . . . . . . . . . . . . . . . . . . . . . . . . . . . . . . . . . . . . . . . . . . . . . . . . . . . . . . . . . . . . . . . . . . . . . . . . . . . . . . . . . . . . . . . . . . . . . . . . . . . . . . . . . . . . . . . . . . . . . . . . . . . . . . . . . . . . . . . . . . . . . . . . . . . . . . . . . . . . . . . . . . . . . . . . 77
16 WARRANTY . . . . . . . . . . . . . . . . . . . . . . . . . . . . . . . . . . . . . . . . . . . . . . . . . . . . . . . . . . . . . . . . . . . . . . . . . . . . . . . . . . . . . . . . . . . . . . . . . . . . . . . . . . . . . . . . . . . . . . . . . . . . . . . . . . . . . . . . . . . . . . . . . . . . . . . . . . . . . . . . . . . . . . . . . . . . . . . . . . . . . . . . . . . . . . . . . . . . . . . . . . . . . . . . . . . . . . . . . . . . . . . . . . . . . . . . . . . . . . . . . . . . . . . . . . . . . . . . . . . . . . . . . . . . . . . . . . . . . . . . . . . . . . . . . . . . . . . . . . . . 83
17 SPECIFICATIONS . . . . . . . . . . . . . . . . . . . . . . . . . . . . . . . . . . . . . . . . . . . . . . . . . . . . . . . . . . . . . . . . . . . . . . . . . . . . . . . . . . . . . . . . . . . . . . . . . . . . . . . . . . . . . . . . . . . . . . . . . . . . . . . . . . . . . . . . . . . . . . . . . . . . . . . . . . . . . . . . . . . . . . . . . . . . . . . . . . . . . . . . . . . . . . . . . . . . . . . . . . . . . . . . . . . . . . . . . . . . . . . . . . . . . . . . . . . . . . . . . . . . . . . . . . . . . . . . . . . . . . . . . . . . . . . . . . . . . . . . . . . . . . . . . . . . . . . . . . . . 86
18 APPENDIX . . . . . . . . . . . . . . . . . . . . . . . . . . . . . . . . . . . . . . . . . . . . . . . . . . . . . . . . . . . . . . . . . . . . . . . . . . . . . . . . . . . . . . . . . . . . . . . . . . . . . . . . . . . . . . . . . . . . . . . . . . . . . . . . . . . . . . . . . . . . . . . . . . . . . . . . . . . . . . . . . . . . . . . . . . . . . . . . . . . . . . . . . . . . . . . . . . . . . . . . . . . . . . . . . . . . . . . . . . . . . . . . . . . . . . . . . . . . . . . . . . . . . . . . . . . . . . . . . . . . . . . . . . . . . . . . . . . . . . . . . . . . . . . . . . . . . . . . . . . . 87
GX3500S	STANDARD HORIZON	Page 3
